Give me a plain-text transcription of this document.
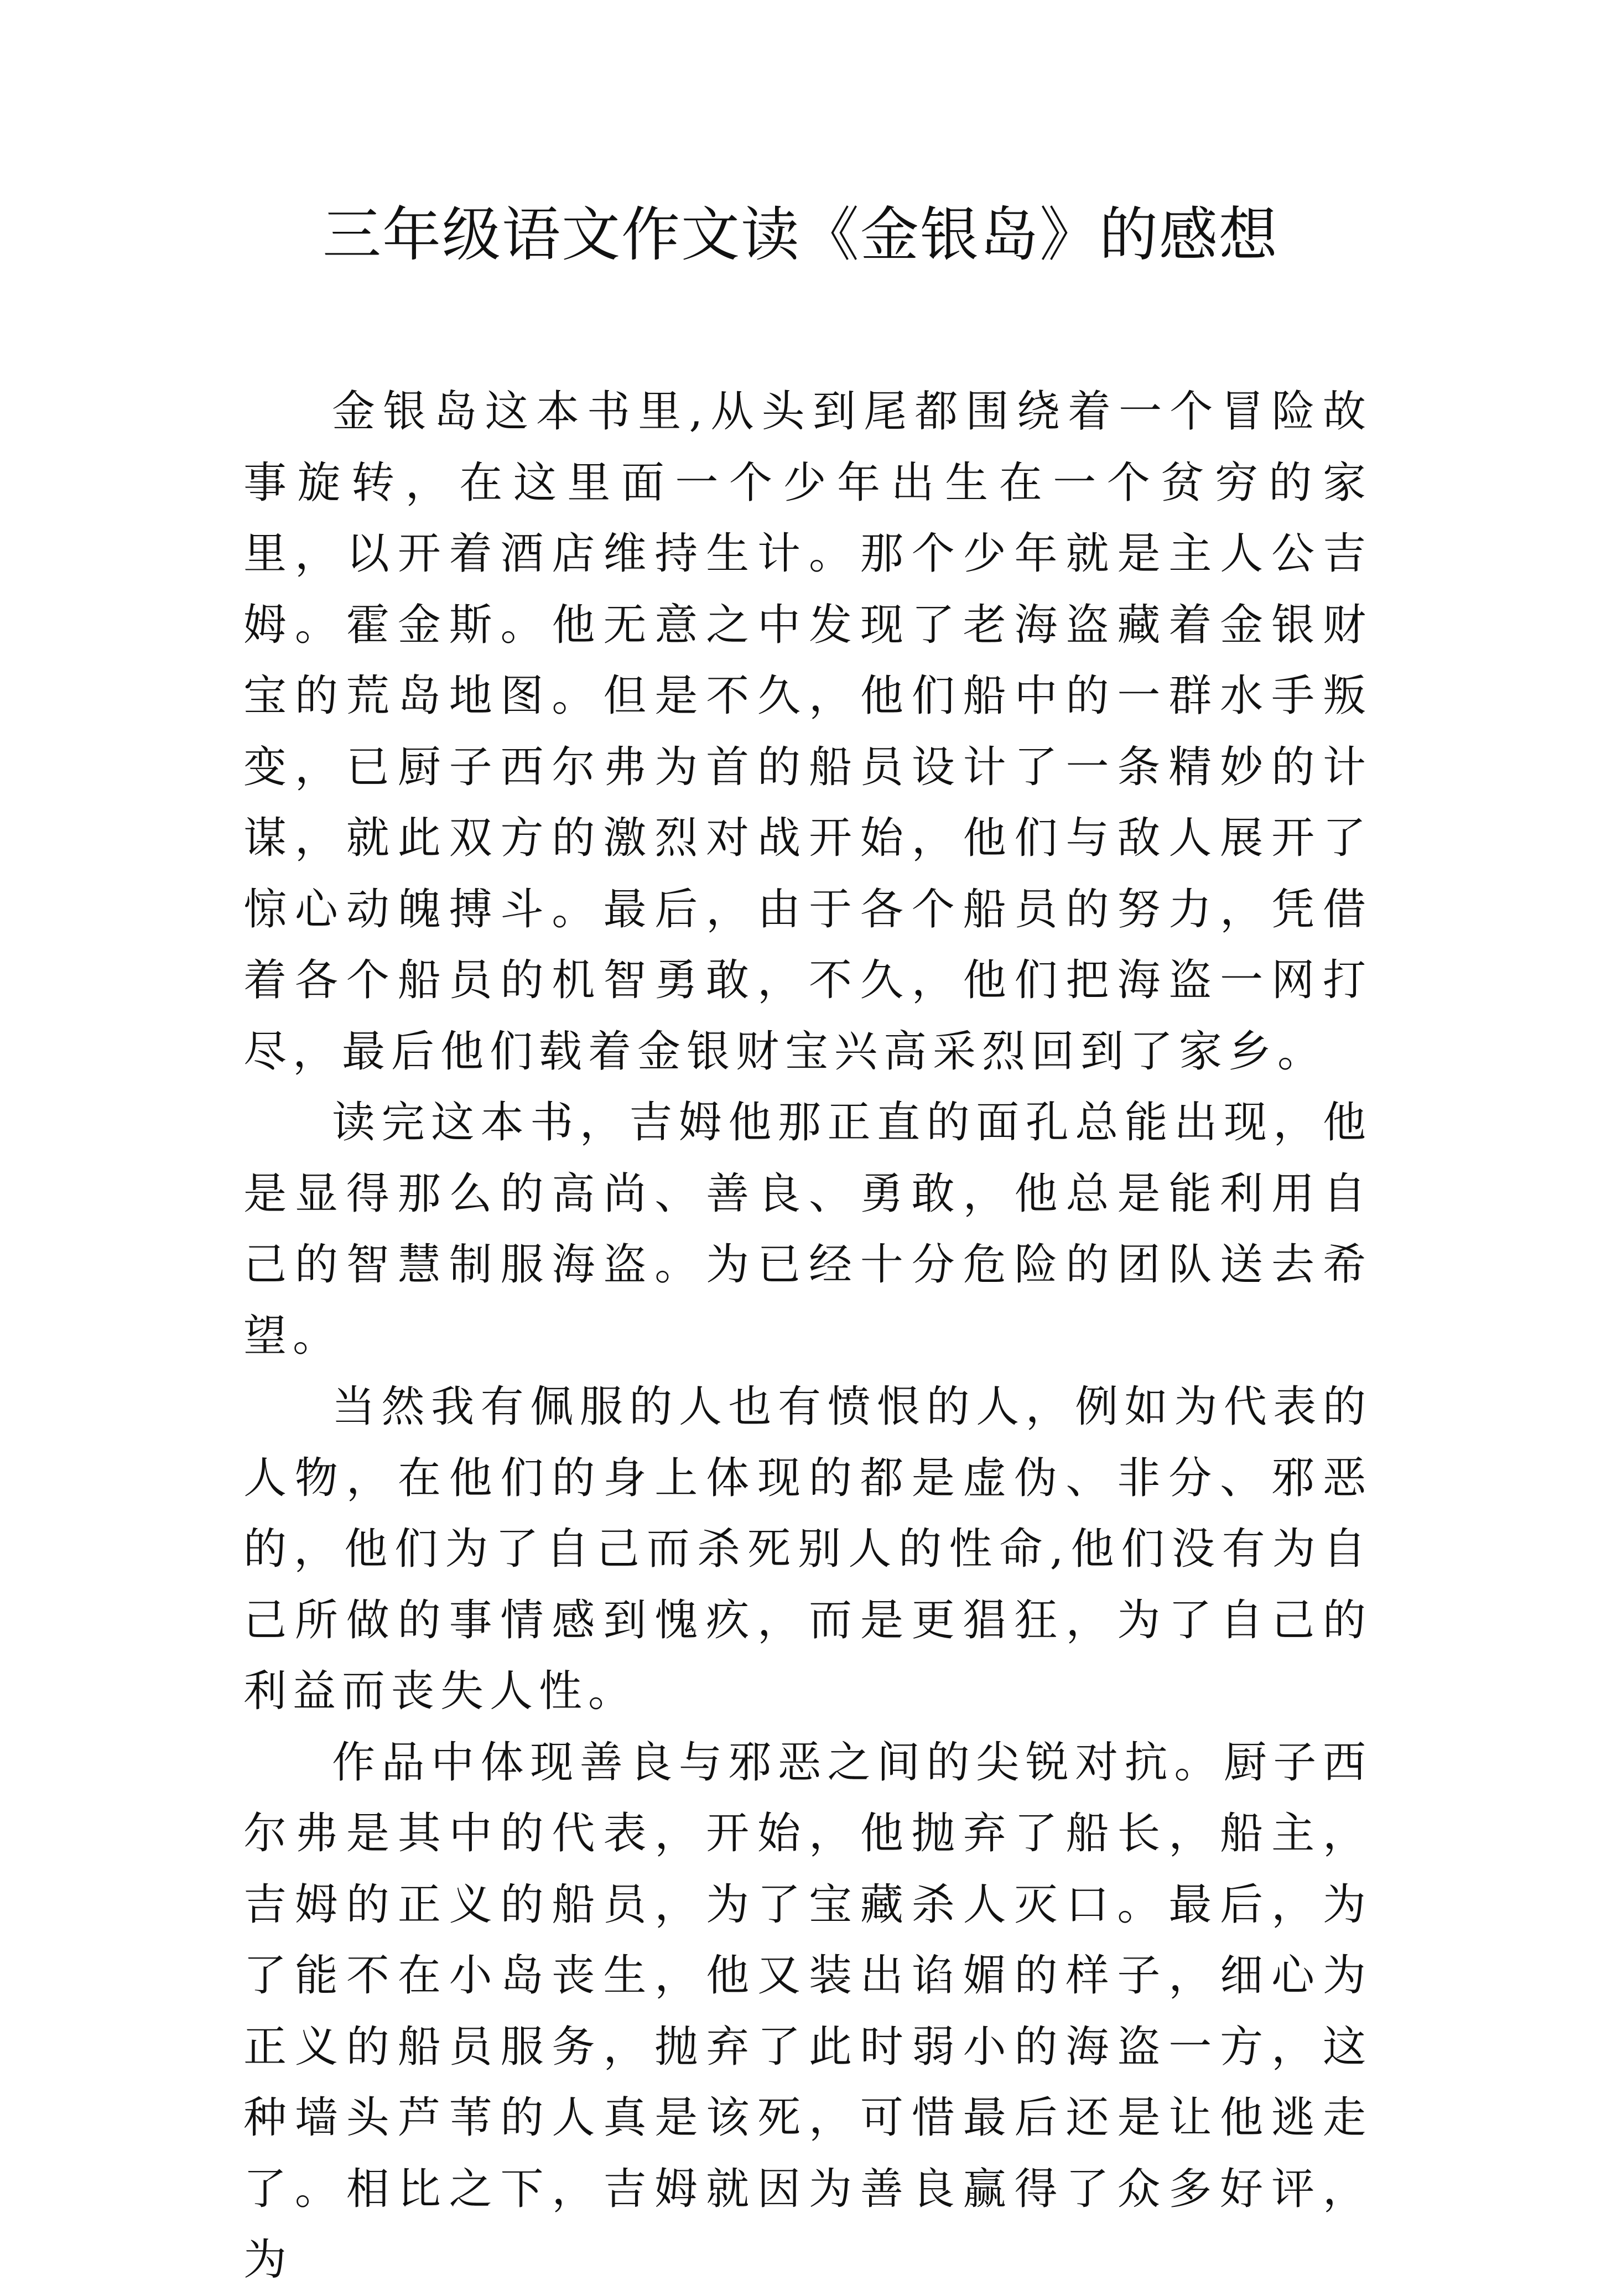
三年级语文作文读《金银岛》的感想

金银岛这本书里,从头到尾都围绕着一个冒险故事旋转，在这里面一个少年出生在一个贫穷的家里，以开着酒店维持生计。那个少年就是主人公吉姆。霍金斯。他无意之中发现了老海盗藏着金银财宝的荒岛地图。但是不久，他们船中的一群水手叛变，已厨子西尔弗为首的船员设计了一条精妙的计谋，就此双方的激烈对战开始，他们与敌人展开了惊心动魄搏斗。最后，由于各个船员的努力，凭借着各个船员的机智勇敢，不久，他们把海盗一网打尽，最后他们载着金银财宝兴高采烈回到了家乡。

读完这本书，吉姆他那正直的面孔总能出现，他是显得那么的高尚、善良、勇敢，他总是能利用自己的智慧制服海盗。为已经十分危险的团队送去希望。

当然我有佩服的人也有愤恨的人，例如为代表的人物，在他们的身上体现的都是虚伪、非分、邪恶的，他们为了自己而杀死别人的性命,他们没有为自己所做的事情感到愧疚，而是更猖狂，为了自己的利益而丧失人性。

作品中体现善良与邪恶之间的尖锐对抗。厨子西尔弗是其中的代表，开始，他抛弃了船长，船主，吉姆的正义的船员，为了宝藏杀人灭口。最后，为了能不在小岛丧生，他又装出谄媚的样子，细心为正义的船员服务，抛弃了此时弱小的海盗一方，这种墙头芦苇的人真是该死，可惜最后还是让他逃走了。相比之下，吉姆就因为善良赢得了众多好评，为
